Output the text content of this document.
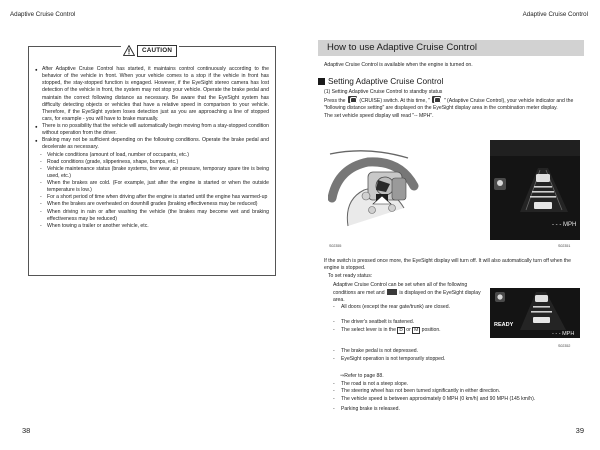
Adaptive Cruise Control	Adaptive Cruise Control
CAUTION
● After Adaptive Cruise Control has started, it maintains control continuously according to the behavior of the vehicle in front. When your vehicle comes to a stop if the vehicle in front has stopped, the stay-stopped function is engaged. However, if the EyeSight stereo camera has lost detection of the vehicle in front, the system may not stop your vehicle. Operate the brake pedal and maintain the correct following distance as necessary. Be aware that the EyeSight system has difficulty detecting objects or vehicles that have a relative speed in comparison to your vehicle. Therefore, if the EyeSight system loses detection just as you are approaching a line of stopped cars, for example - you will have to brake manually.
● There is no possibility that the vehicle will automatically begin moving from a stay-stopped condition without operation from the driver.
● Braking may not be sufficient depending on the following conditions. Operate the brake pedal and decelerate as necessary.
- Vehicle conditions (amount of load, number of occupants, etc.)
- Road conditions (grade, slipperiness, shape, bumps, etc.)
- Vehicle maintenance status (brake systems, tire wear, air pressure, temporary spare tire is being used, etc.)
- When the brakes are cold. (For example, just after the engine is started or when the outside temperature is low.)
- For a short period of time when driving after the engine is started until the engine has warmed-up
- When the brakes are overheated on downhill grades (braking effectiveness may be reduced)
- When driving in rain or after washing the vehicle (the brakes may become wet and braking effectiveness may be reduced)
- When towing a trailer or another vehicle, etc.
How to use Adaptive Cruise Control
Adaptive Cruise Control is available when the engine is turned on.
Setting Adaptive Cruise Control
(1) Setting Adaptive Cruise Control to standby status
Press the	(CRUISE) switch. At this time, "	" (Adaptive Cruise Control), your vehicle indicator and the "following distance setting" are displayed on the EyeSight display area in the combination meter display.
The set vehicle speed display will read "-- MPH".
S02355
- - - MPH
S02351
If the switch is pressed once more, the EyeSight display will turn off. It will also automatically turn off when the engine is stopped.
To set ready status:
Adaptive Cruise Control can be set when all of the following conditions are met and	is displayed on the EyeSight display area.
-	All doors (except the rear gate/trunk) are closed.
-	The driver's seatbelt is fastened.
-	The select lever is in the D or M position.
-	The brake pedal is not depressed.
-	EyeSight operation is not temporarily stopped.
⇒Refer to page 88.
-	The road is not a steep slope.
-	The steering wheel has not been turned significantly in either direction.
-	The vehicle speed is between approximately 0 MPH (0 km/h) and 90 MPH (145 km/h).
-	Parking brake is released.
READY
- - - MPH
S02352
38	39
